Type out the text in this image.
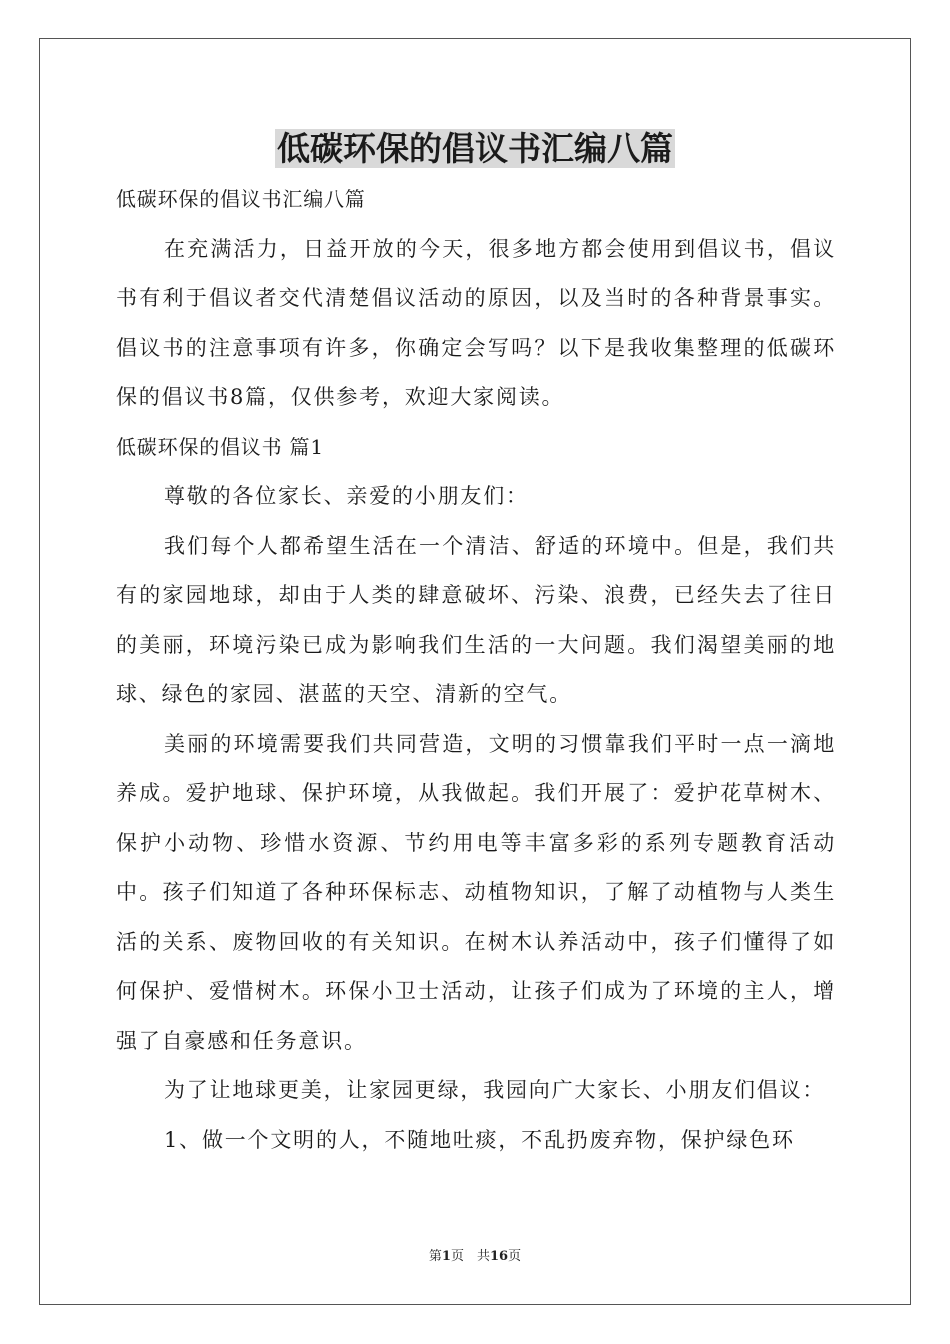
低碳环保的倡议书汇编八篇

低碳环保的倡议书汇编八篇

在充满活力，日益开放的今天，很多地方都会使用到倡议书，倡议书有利于倡议者交代清楚倡议活动的原因，以及当时的各种背景事实。倡议书的注意事项有许多，你确定会写吗？以下是我收集整理的低碳环保的倡议书8篇，仅供参考，欢迎大家阅读。

低碳环保的倡议书 篇1

尊敬的各位家长、亲爱的小朋友们：

我们每个人都希望生活在一个清洁、舒适的环境中。但是，我们共有的家园地球，却由于人类的肆意破坏、污染、浪费，已经失去了往日的美丽，环境污染已成为影响我们生活的一大问题。我们渴望美丽的地球、绿色的家园、湛蓝的天空、清新的空气。

美丽的环境需要我们共同营造，文明的习惯靠我们平时一点一滴地养成。爱护地球、保护环境，从我做起。我们开展了：爱护花草树木、保护小动物、珍惜水资源、节约用电等丰富多彩的系列专题教育活动中。孩子们知道了各种环保标志、动植物知识，了解了动植物与人类生活的关系、废物回收的有关知识。在树木认养活动中，孩子们懂得了如何保护、爱惜树木。环保小卫士活动，让孩子们成为了环境的主人，增强了自豪感和任务意识。

为了让地球更美，让家园更绿，我园向广大家长、小朋友们倡议：

1、做一个文明的人，不随地吐痰，不乱扔废弃物，保护绿色环

第1页　共16页
